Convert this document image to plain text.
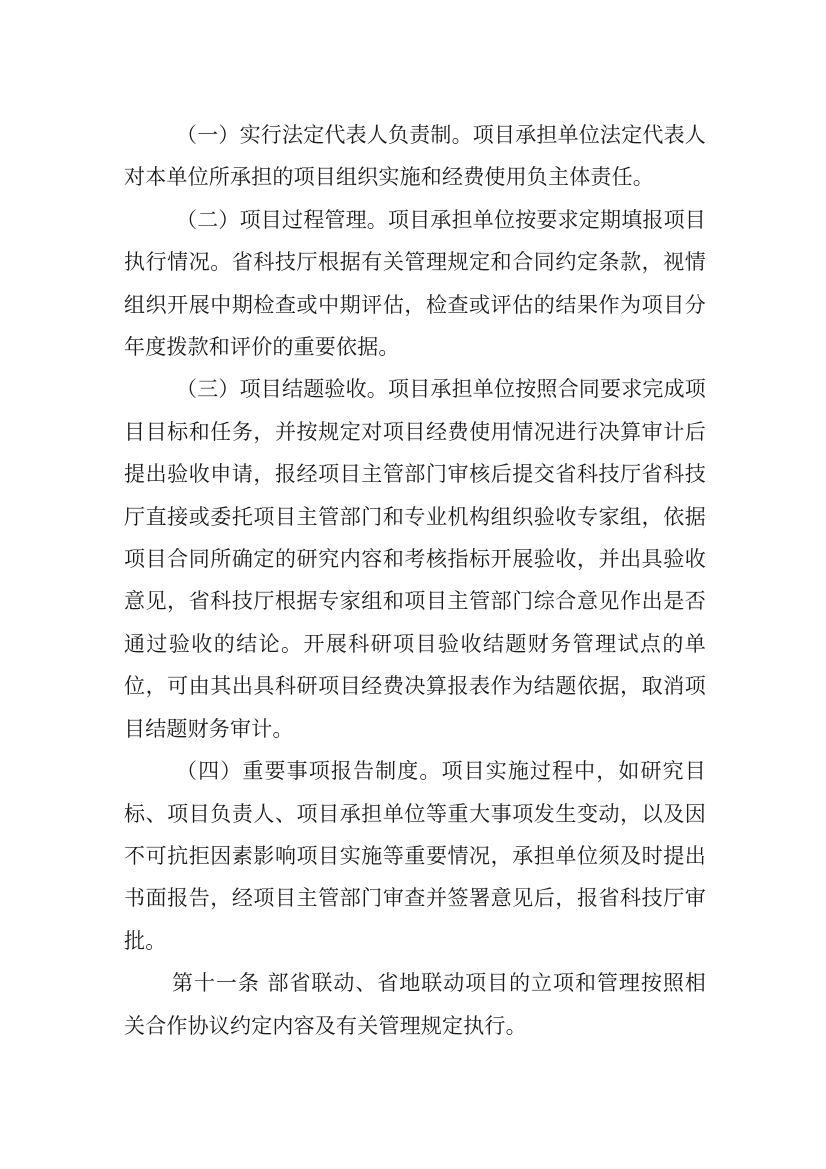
（一）实行法定代表人负责制。项目承担单位法定代表人对本单位所承担的项目组织实施和经费使用负主体责任。

（二）项目过程管理。项目承担单位按要求定期填报项目执行情况。省科技厅根据有关管理规定和合同约定条款，视情组织开展中期检查或中期评估，检查或评估的结果作为项目分年度拨款和评价的重要依据。

（三）项目结题验收。项目承担单位按照合同要求完成项目目标和任务，并按规定对项目经费使用情况进行决算审计后提出验收申请，报经项目主管部门审核后提交省科技厅省科技厅直接或委托项目主管部门和专业机构组织验收专家组，依据项目合同所确定的研究内容和考核指标开展验收，并出具验收意见，省科技厅根据专家组和项目主管部门综合意见作出是否通过验收的结论。开展科研项目验收结题财务管理试点的单位，可由其出具科研项目经费决算报表作为结题依据，取消项目结题财务审计。

（四）重要事项报告制度。项目实施过程中，如研究目标、项目负责人、项目承担单位等重大事项发生变动，以及因不可抗拒因素影响项目实施等重要情况，承担单位须及时提出书面报告，经项目主管部门审查并签署意见后，报省科技厅审批。

第十一条 部省联动、省地联动项目的立项和管理按照相关合作协议约定内容及有关管理规定执行。
